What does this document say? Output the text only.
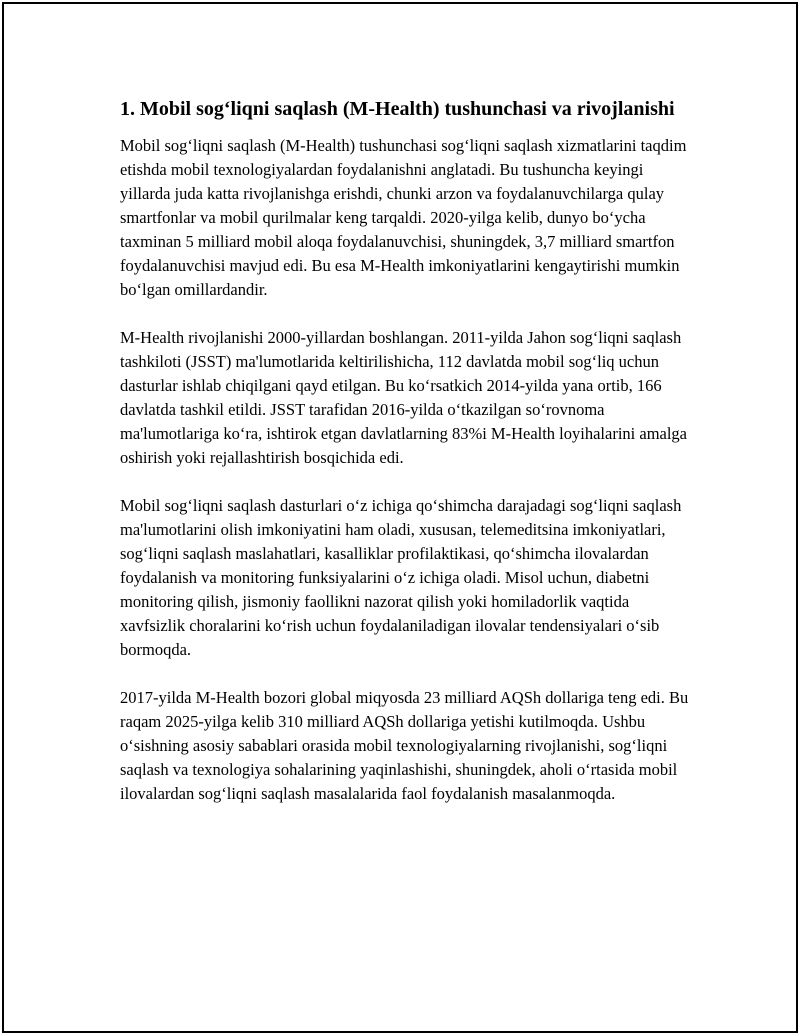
1. Mobil sog‘liqni saqlash (M-Health) tushunchasi va rivojlanishi

Mobil sog‘liqni saqlash (M-Health) tushunchasi sog‘liqni saqlash xizmatlarini taqdim etishda mobil texnologiyalardan foydalanishni anglatadi. Bu tushuncha keyingi yillarda juda katta rivojlanishga erishdi, chunki arzon va foydalanuvchilarga qulay smartfonlar va mobil qurilmalar keng tarqaldi. 2020-yilga kelib, dunyo bo‘ycha taxminan 5 milliard mobil aloqa foydalanuvchisi, shuningdek, 3,7 milliard smartfon foydalanuvchisi mavjud edi. Bu esa M-Health imkoniyatlarini kengaytirishi mumkin bo‘lgan omillardandir.

M-Health rivojlanishi 2000-yillardan boshlangan. 2011-yilda Jahon sog‘liqni saqlash tashkiloti (JSST) ma'lumotlarida keltirilishicha, 112 davlatda mobil sog‘liq uchun dasturlar ishlab chiqilgani qayd etilgan. Bu ko‘rsatkich 2014-yilda yana ortib, 166 davlatda tashkil etildi. JSST tarafidan 2016-yilda o‘tkazilgan so‘rovnoma ma'lumotlariga ko‘ra, ishtirok etgan davlatlarning 83%i M-Health loyihalarini amalga oshirish yoki rejallashtirish bosqichida edi.

Mobil sog‘liqni saqlash dasturlari o‘z ichiga qo‘shimcha darajadagi sog‘liqni saqlash ma'lumotlarini olish imkoniyatini ham oladi, xususan, telemeditsina imkoniyatlari, sog‘liqni saqlash maslahatlari, kasalliklar profilaktikasi, qo‘shimcha ilovalardan foydalanish va monitoring funksiyalarini o‘z ichiga oladi. Misol uchun, diabetni monitoring qilish, jismoniy faollikni nazorat qilish yoki homiladorlik vaqtida xavfsizlik choralarini ko‘rish uchun foydalaniladigan ilovalar tendensiyalari o‘sib bormoqda.

2017-yilda M-Health bozori global miqyosda 23 milliard AQSh dollariga teng edi. Bu raqam 2025-yilga kelib 310 milliard AQSh dollariga yetishi kutilmoqda. Ushbu o‘sishning asosiy sabablari orasida mobil texnologiyalarning rivojlanishi, sog‘liqni saqlash va texnologiya sohalarining yaqinlashishi, shuningdek, aholi o‘rtasida mobil ilovalardan sog‘liqni saqlash masalalarida faol foydalanish masalanmoqda.
